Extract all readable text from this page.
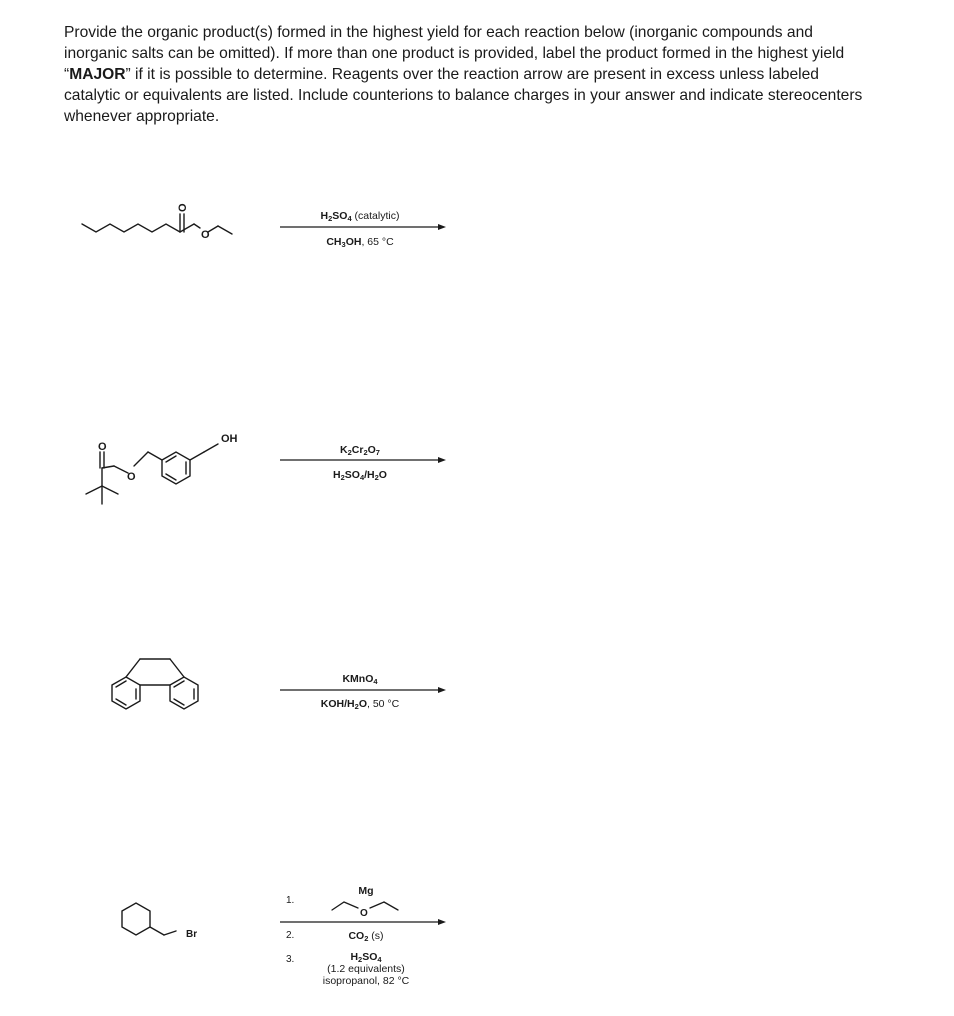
Provide the organic product(s) formed in the highest yield for each reaction below (inorganic compounds and inorganic salts can be omitted). If more than one product is provided, label the product formed in the highest yield “MAJOR” if it is possible to determine. Reagents over the reaction arrow are present in excess unless labeled catalytic or equivalents are listed. Include counterions to balance charges in your answer and indicate stereocenters whenever appropriate.

O
O
$H_2SO_4$ (catalytic)
$CH_3OH$, 65 °C
OH
O
O
$K_2Cr_2O_7$
$H_2SO_4/H_2O$
KMnO$_4$
KOH/$H_2O$, 50 °C
Br
1.
Mg
O
2.	$CO_2$ (s)
3.	$H_2SO_4$
(1.2 equivalents)
isopropanol, 82 °C
